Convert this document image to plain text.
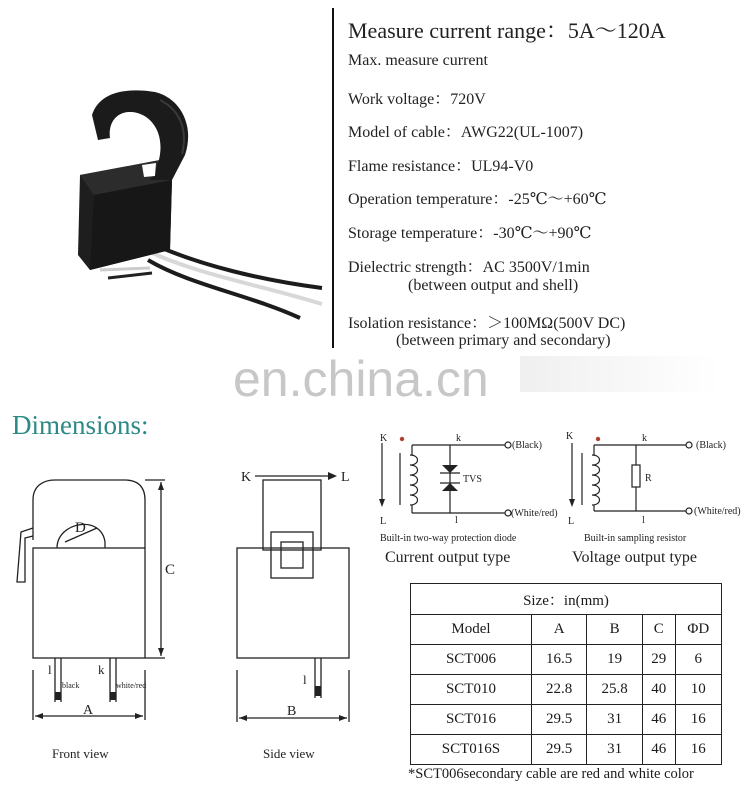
Measure current range：5A～120A
Max. measure current
Work voltage：720V
Model of cable：AWG22(UL-1007)
Flame resistance：UL94-V0
Operation temperature：-25℃～+60℃
Storage temperature：-30℃～+90℃
Dielectric strength：AC 3500V/1min
(between output and shell)
Isolation resistance：＞100MΩ(500V DC)
(between primary and secondary)
en.china.cn
Dimensions:
D
C
A
l	k
black	white/red
Front view
K	L
B
l
Side view
K
L
k
l
(Black)
(White/red)
TVS
Built-in two-way protection diode
Current output type
K
L
k
l
(Black)
(White/red)
R
Built-in sampling resistor
Voltage output type
Size：in(mm)				
Model	A	B	C	ΦD
SCT006	16.5	19	29	6
SCT010	22.8	25.8	40	10
SCT016	29.5	31	46	16
SCT016S	29.5	31	46	16
*SCT006secondary cable are red and white color
